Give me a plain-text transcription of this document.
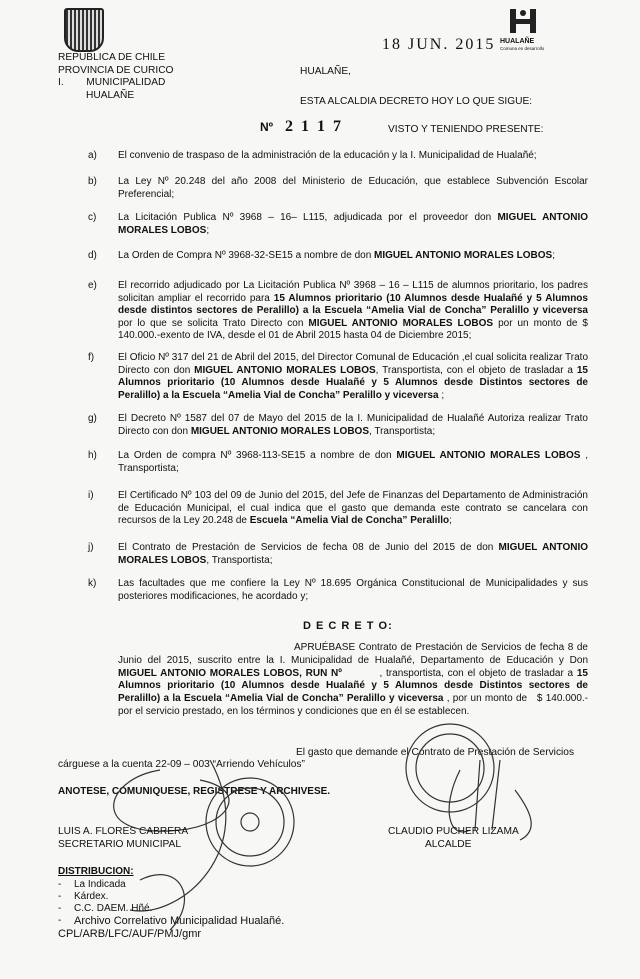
REPUBLICA DE CHILE
PROVINCIA DE CURICO
I.        MUNICIPALIDAD
HUALAÑE
HUALAÑE
Comuna en desarrollo
18 JUN. 2015
HUALAÑE,
ESTA ALCALDIA DECRETO HOY LO QUE SIGUE:
Nº 2 1 1 7	VISTO Y TENIENDO PRESENTE:
a) El convenio de traspaso de la administración de la educación y la I. Municipalidad de Hualañé;
b) La Ley Nº 20.248 del año 2008 del Ministerio de Educación, que establece Subvención Escolar Preferencial;
c) La Licitación Publica Nº 3968 – 16– L115, adjudicada por el proveedor don MIGUEL ANTONIO MORALES LOBOS;
d) La Orden de Compra Nº 3968-32-SE15 a nombre de don MIGUEL ANTONIO MORALES LOBOS;
e) El recorrido adjudicado por La Licitación Publica Nº 3968 – 16 – L115 de alumnos prioritario, los padres solicitan ampliar el recorrido para 15 Alumnos prioritario (10 Alumnos desde Hualañé y 5 Alumnos desde distintos sectores de Peralillo) a la Escuela “Amelia Vial de Concha” Peralillo y viceversa por lo que se solicita Trato Directo con MIGUEL ANTONIO MORALES LOBOS por un monto de $ 140.000.-exento de IVA, desde el 01 de Abril 2015 hasta 04 de Diciembre 2015;
f) El Oficio Nº 317 del 21 de Abril del 2015, del Director Comunal de Educación ,el cual solicita realizar Trato Directo con don MIGUEL ANTONIO MORALES LOBOS, Transportista, con el objeto de trasladar a 15 Alumnos prioritario (10 Alumnos desde Hualañé y 5 Alumnos desde Distintos sectores de Peralillo) a la Escuela “Amelia Vial de Concha” Peralillo y viceversa ;
g) El Decreto Nº 1587 del 07 de Mayo del 2015 de la I. Municipalidad de Hualañé Autoriza realizar Trato Directo con don MIGUEL ANTONIO MORALES LOBOS, Transportista;
h) La Orden de compra Nº 3968-113-SE15 a nombre de don MIGUEL ANTONIO MORALES LOBOS , Transportista;
i) El Certificado Nº 103 del 09 de Junio del 2015, del Jefe de Finanzas del Departamento de Administración de Educación Municipal, el cual indica que el gasto que demanda este contrato se cancelara con recursos de la Ley 20.248 de Escuela “Amelia Vial de Concha” Peralillo;
j) El Contrato de Prestación de Servicios de fecha 08 de Junio del 2015 de don MIGUEL ANTONIO MORALES LOBOS, Transportista;
k) Las facultades que me confiere la Ley Nº 18.695 Orgánica Constitucional de Municipalidades y sus posteriores modificaciones, he acordado y;
D E C R E T O:
APRUÉBASE Contrato de Prestación de Servicios de fecha 8 de Junio del 2015, suscrito entre la I. Municipalidad de Hualañé, Departamento de Educación y Don MIGUEL ANTONIO MORALES LOBOS, RUN Nº          , transportista, con el objeto de trasladar a 15 Alumnos prioritario (10 Alumnos desde Hualañé y 5 Alumnos desde Distintos sectores de Peralillo) a la Escuela “Amelia Vial de Concha” Peralillo y viceversa , por un monto de   $ 140.000.- por el servicio prestado, en los términos y condiciones que en él se establecen.
El gasto que demande el Contrato de Prestación de Servicios
cárguese a la cuenta 22-09 – 003 “Arriendo Vehículos”
ANOTESE, COMUNIQUESE, REGISTRESE Y ARCHIVESE.
LUIS A. FLORES CABRERA
SECRETARIO MUNICIPAL
CLAUDIO PUCHER LIZAMA
ALCALDE
DISTRIBUCION:
- La Indicada
- Kárdex.
- C.C. DAEM. Hñé.
- Archivo Correlativo Municipalidad Hualañé.
CPL/ARB/LFC/AUF/PMJ/gmr
